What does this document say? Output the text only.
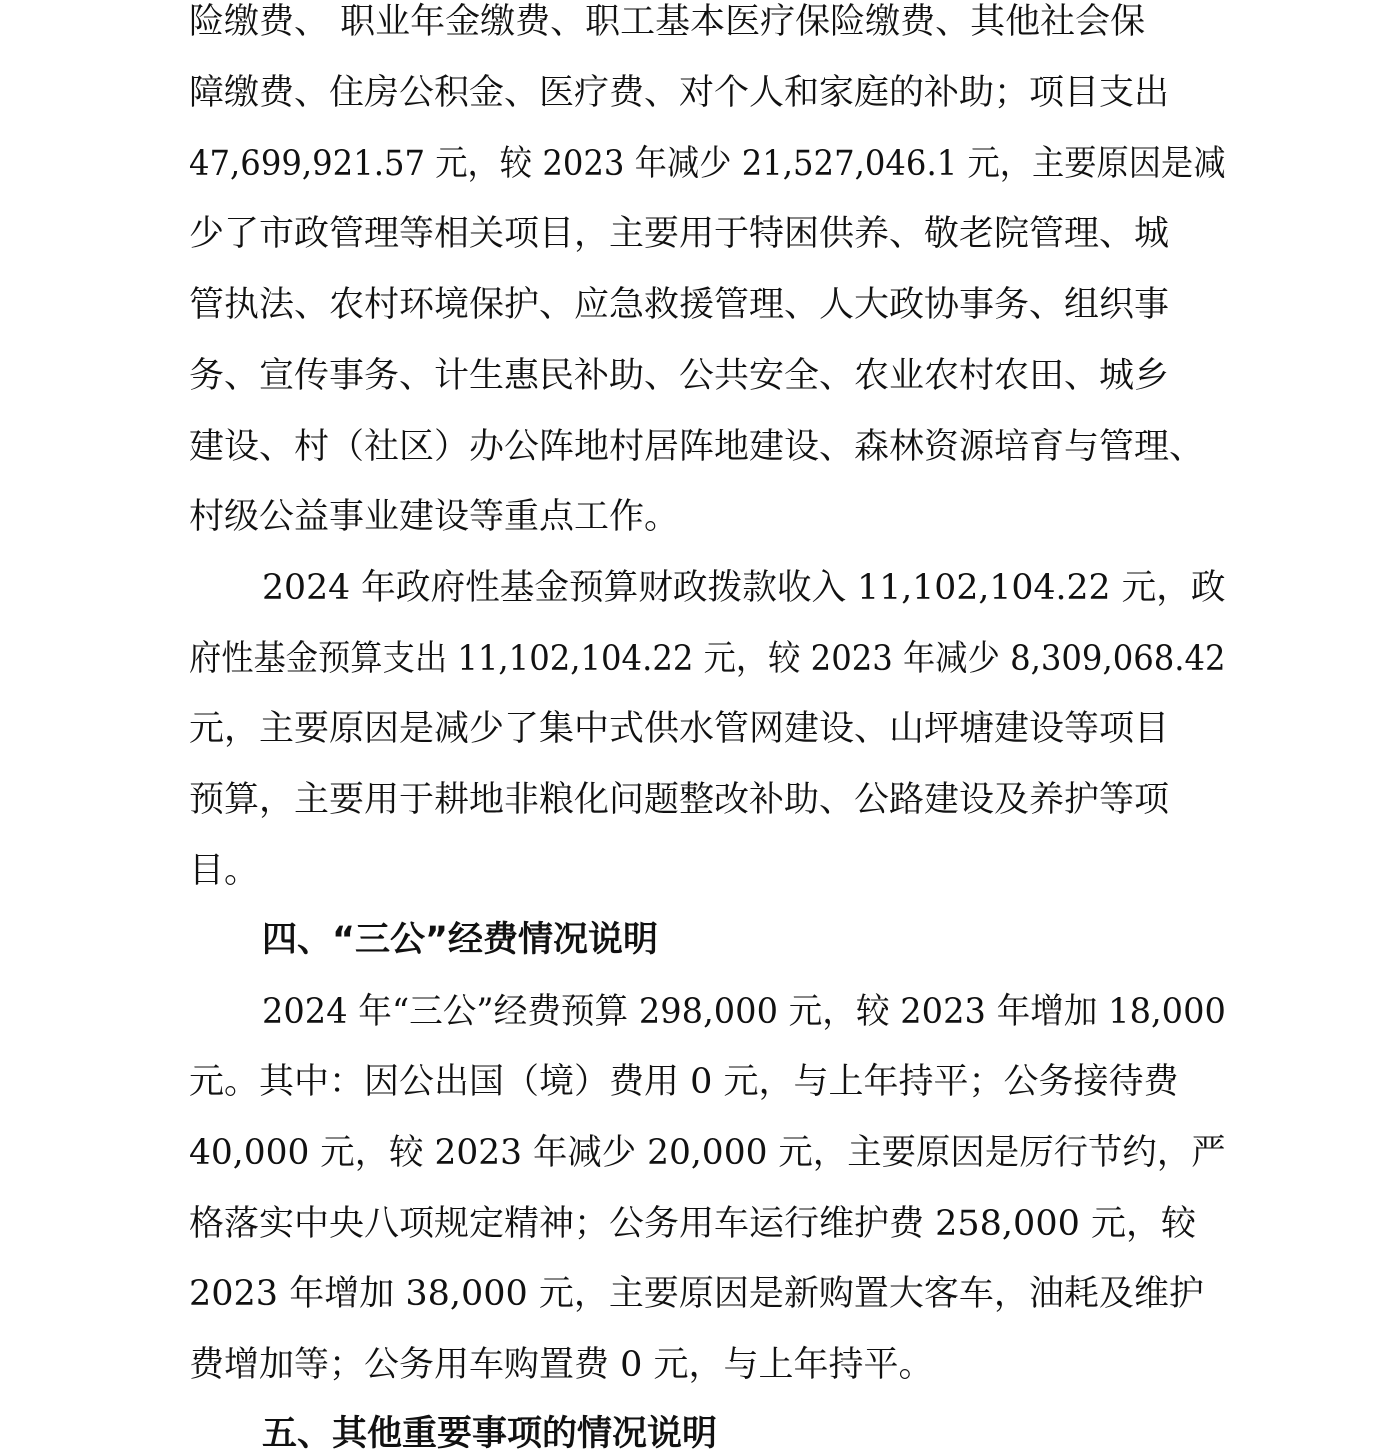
险缴费、 职业年金缴费、职工基本医疗保险缴费、其他社会保
障缴费、住房公积金、医疗费、对个人和家庭的补助；项目支出
47,699,921.57 元，较 2023 年减少 21,527,046.1 元，主要原因是减
少了市政管理等相关项目，主要用于特困供养、敬老院管理、城
管执法、农村环境保护、应急救援管理、人大政协事务、组织事
务、宣传事务、计生惠民补助、公共安全、农业农村农田、城乡
建设、村（社区）办公阵地村居阵地建设、森林资源培育与管理、
村级公益事业建设等重点工作。
2024 年政府性基金预算财政拨款收入 11,102,104.22 元，政
府性基金预算支出 11,102,104.22 元，较 2023 年减少 8,309,068.42
元，主要原因是减少了集中式供水管网建设、山坪塘建设等项目
预算，主要用于耕地非粮化问题整改补助、公路建设及养护等项
目。
四、“三公”经费情况说明
2024 年“三公”经费预算 298,000 元，较 2023 年增加 18,000
元。其中：因公出国（境）费用 0 元，与上年持平；公务接待费
40,000 元，较 2023 年减少 20,000 元，主要原因是厉行节约，严
格落实中央八项规定精神；公务用车运行维护费 258,000 元，较
2023 年增加 38,000 元，主要原因是新购置大客车，油耗及维护
费增加等；公务用车购置费 0 元，与上年持平。
五、其他重要事项的情况说明
